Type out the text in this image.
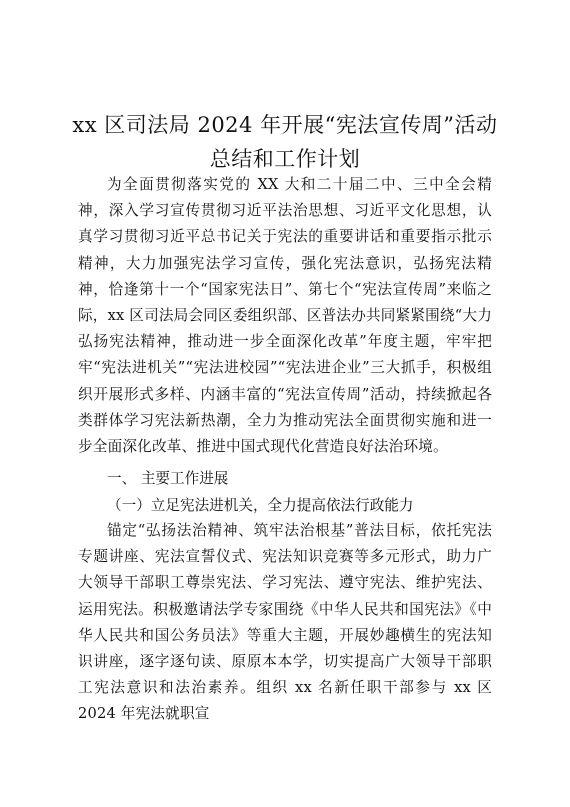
xx 区司法局 2024 年开展“宪法宣传周”活动总结和工作计划
为全面贯彻落实党的 XX 大和二十届二中、三中全会精神，深入学习宣传贯彻习近平法治思想、习近平文化思想，认真学习贯彻习近平总书记关于宪法的重要讲话和重要指示批示精神，大力加强宪法学习宣传，强化宪法意识，弘扬宪法精神，恰逢第十一个“国家宪法日”、第七个“宪法宣传周”来临之际，xx 区司法局会同区委组织部、区普法办共同紧紧围绕“大力弘扬宪法精神，推动进一步全面深化改革”年度主题，牢牢把牢“宪法进机关”“宪法进校园”“宪法进企业”三大抓手，积极组织开展形式多样、内涵丰富的“宪法宣传周”活动，持续掀起各类群体学习宪法新热潮，全力为推动宪法全面贯彻实施和进一步全面深化改革、推进中国式现代化营造良好法治环境。
一、 主要工作进展
（一）立足宪法进机关，全力提高依法行政能力
锚定“弘扬法治精神、筑牢法治根基”普法目标，依托宪法专题讲座、宪法宣誓仪式、宪法知识竞赛等多元形式，助力广大领导干部职工尊崇宪法、学习宪法、遵守宪法、维护宪法、运用宪法。积极邀请法学专家围绕《中华人民共和国宪法》《中华人民共和国公务员法》等重大主题，开展妙趣横生的宪法知识讲座，逐字逐句读、原原本本学，切实提高广大领导干部职工宪法意识和法治素养。组织 xx 名新任职干部参与 xx 区 2024 年宪法就职宣
